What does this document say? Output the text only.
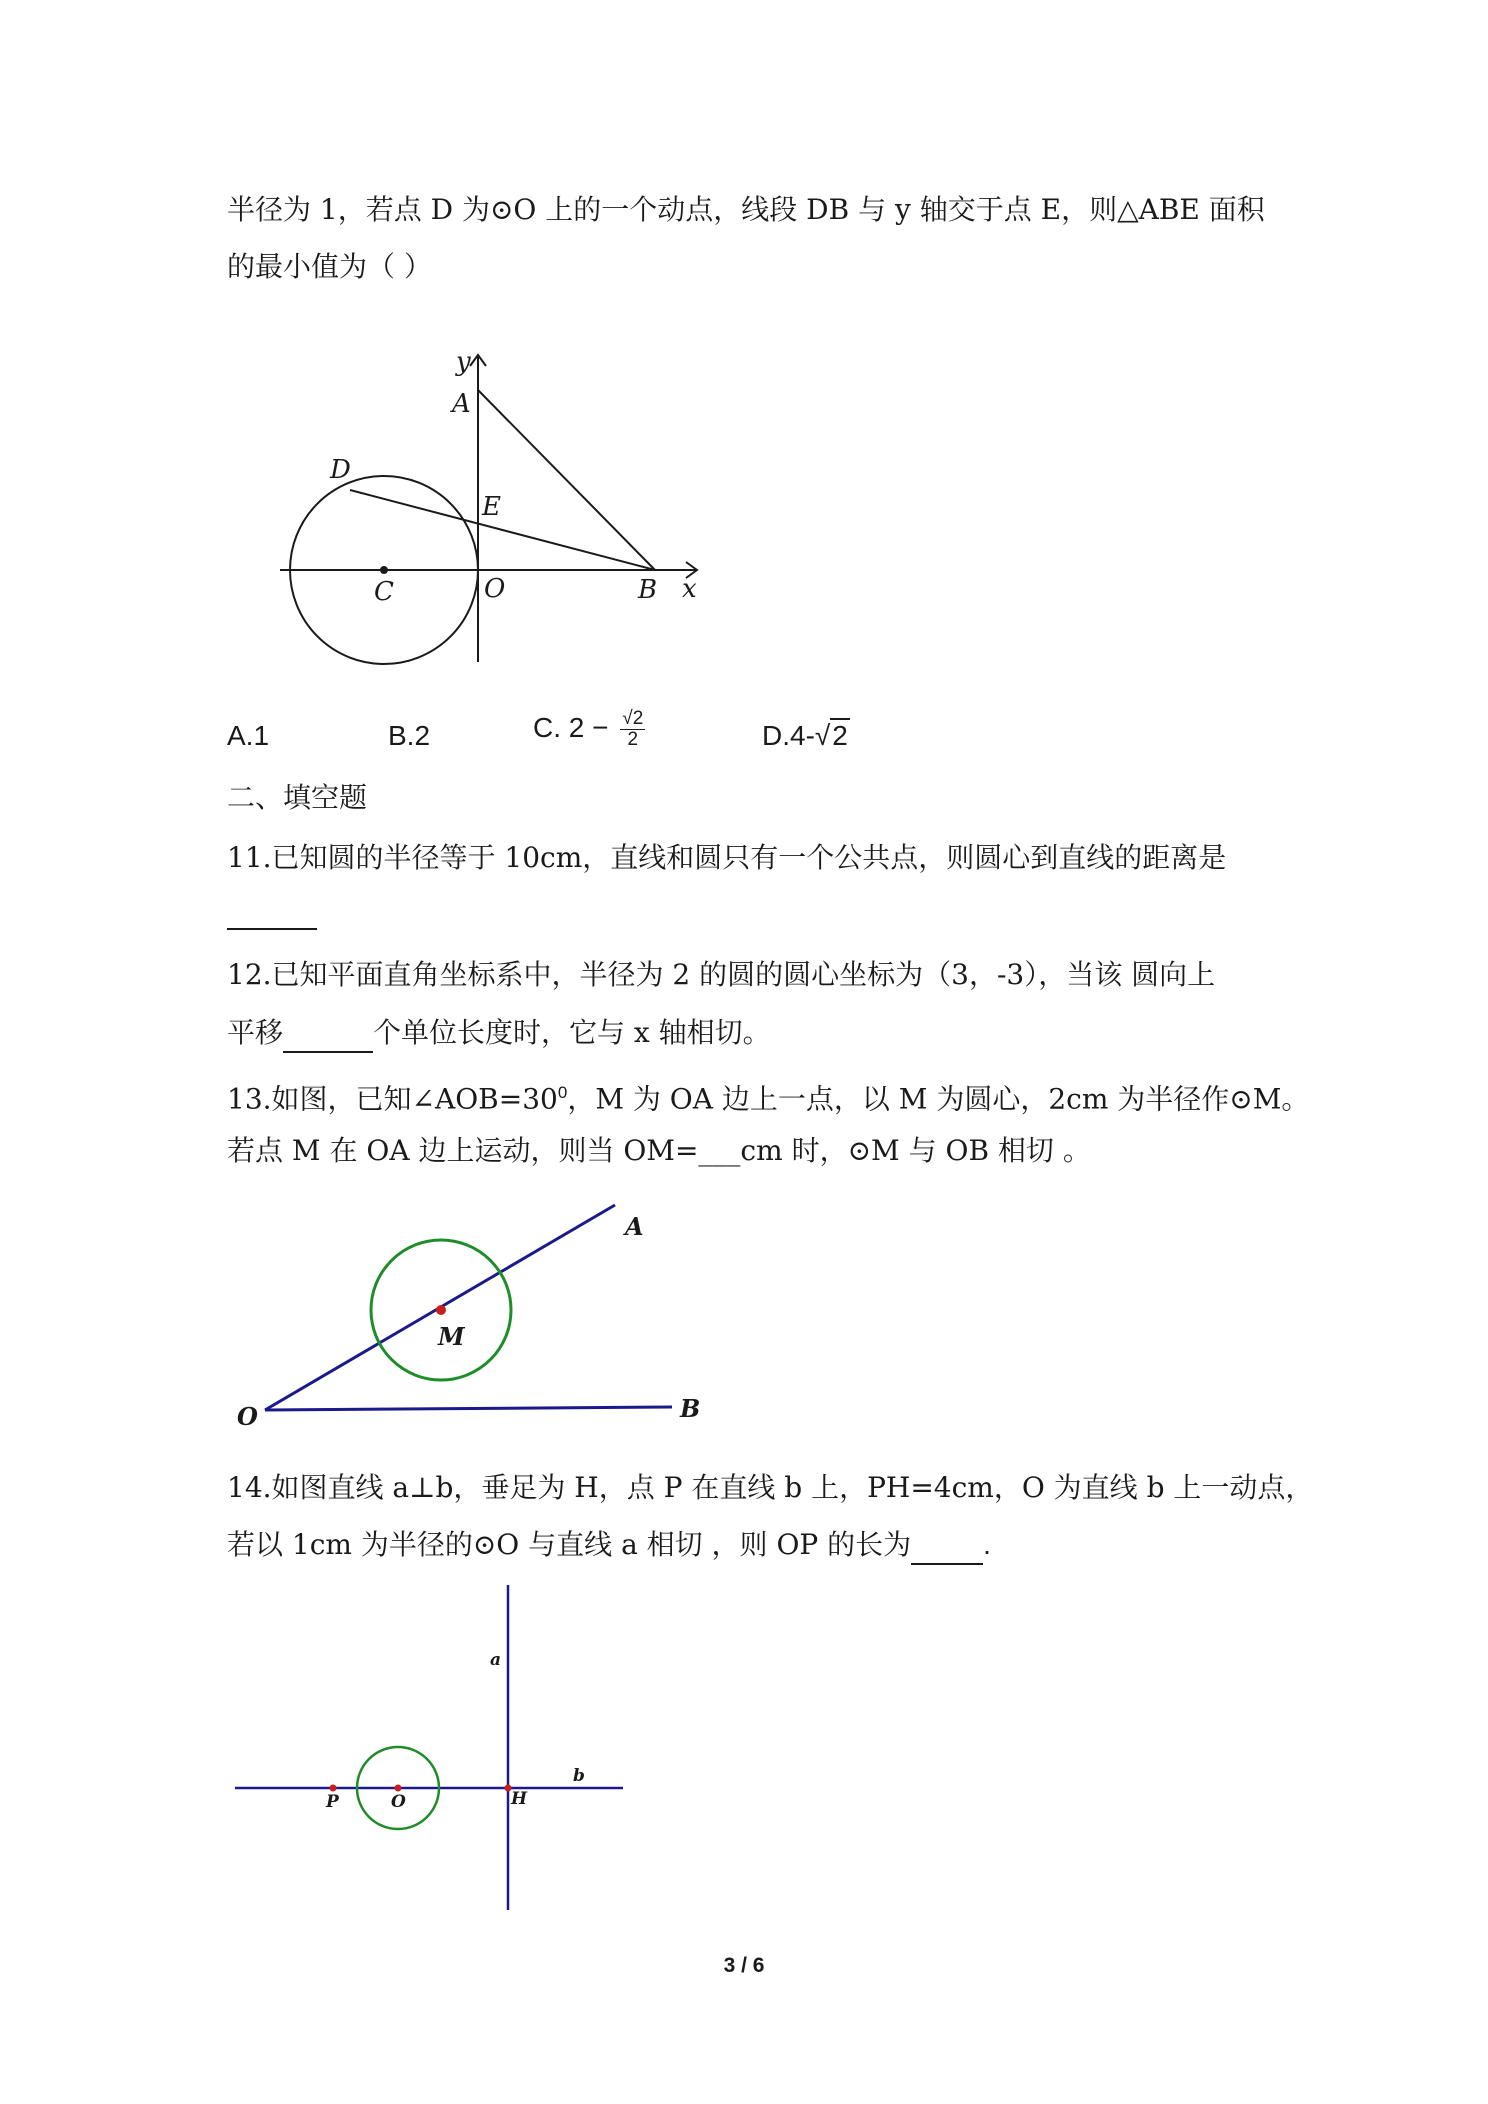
半径为 1，若点 D 为⊙O 上的一个动点，线段 DB 与 y 轴交于点 E，则△ABE 面积
的最小值为（ ）
y
A
D
E
C	O	B x
A.1	B.2	C. $2 - \frac{√2}{2}$	D.4-√2
二、填空题
11.已知圆的半径等于 10cm，直线和圆只有一个公共点，则圆心到直线的距离是
12.已知平面直角坐标系中，半径为 2 的圆的圆心坐标为（3，-3），当该 圆向上
平移	个单位长度时，它与 x 轴相切。
13.如图，已知$\angle AOB=30^0$，M 为 OA 边上一点，以 M 为圆心，2cm 为半径作⊙M。
若点 M 在 OA 边上运动，则当 OM=___cm 时，⊙M 与 OB 相切 。
A
M
O	B
14.如图直线 a⊥b，垂足为 H，点 P 在直线 b 上，PH=4cm，O 为直线 b 上一动点，
若以 1cm 为半径的⊙O 与直线 a 相切 ，则 OP 的长为	.
a
b
P	O	H
3 / 6
